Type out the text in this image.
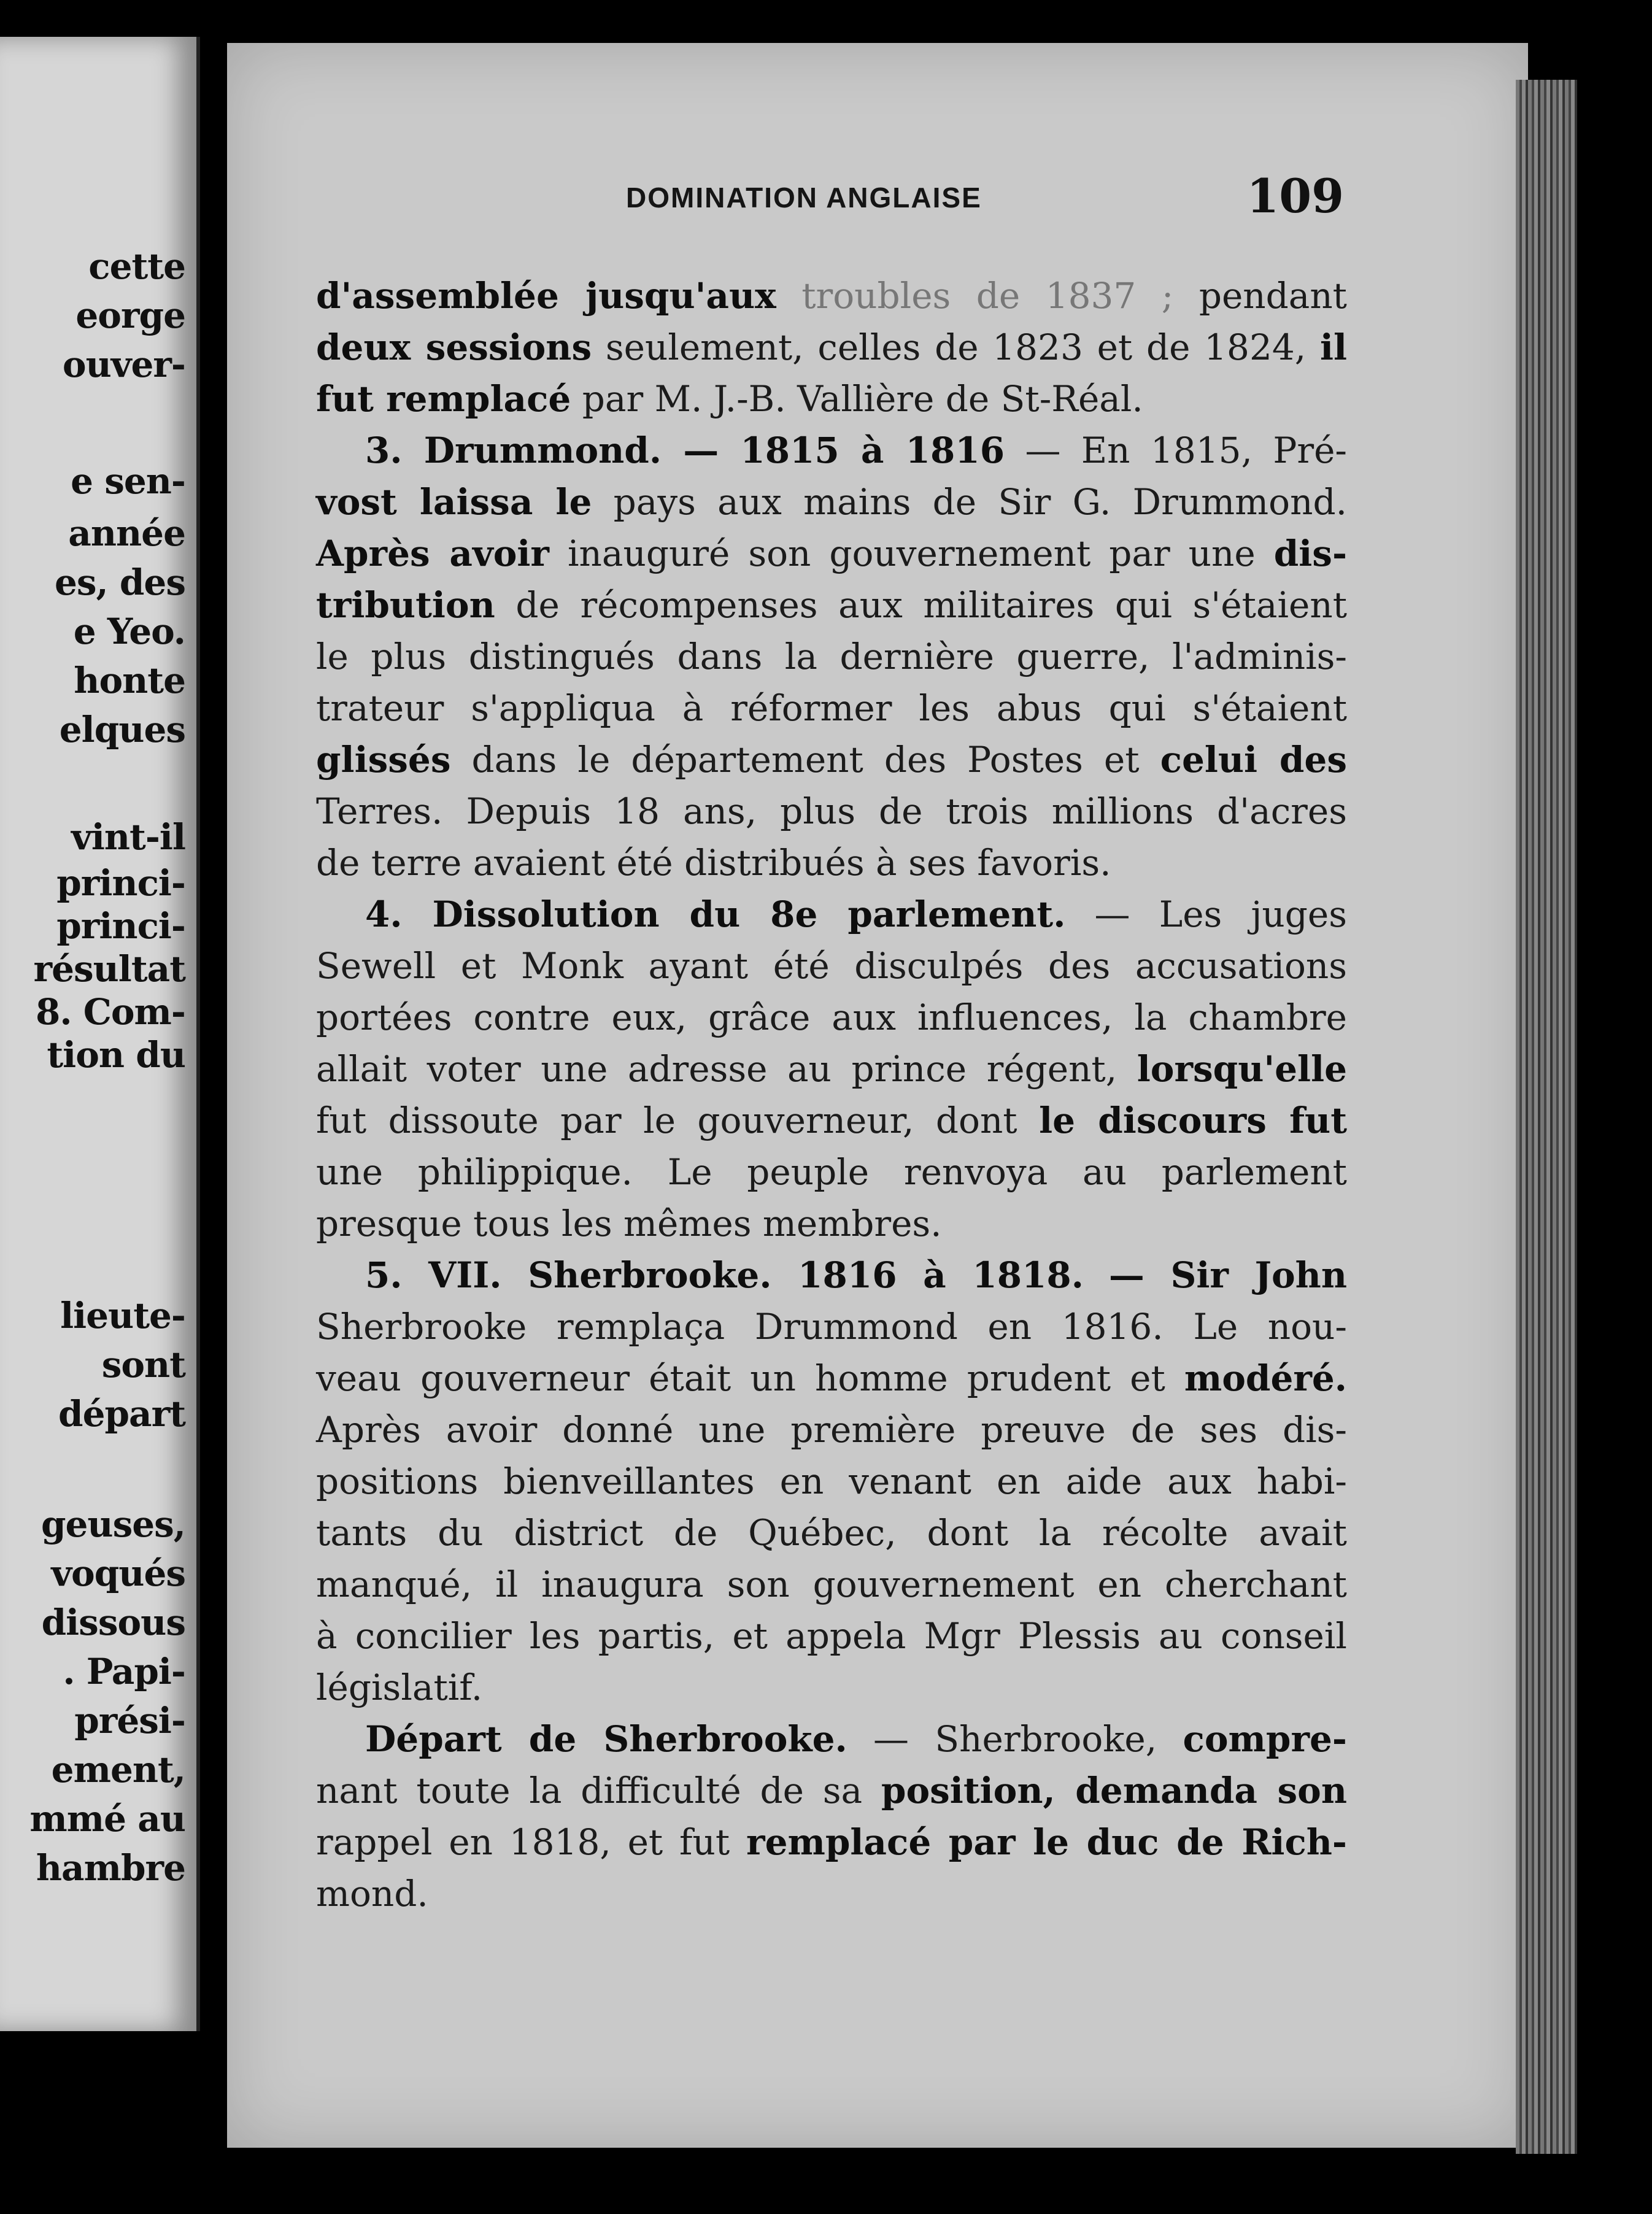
cette
eorge
ouver-
e sen-
année
es, des
e Yeo.
honte
elques
vint-il
princi-
princi-
résultat
8. Com-
tion du
lieute-
sont
départ
geuses,
voqués
dissous
. Papi-
prési-
ement,
mmé au
hambre
DOMINATION ANGLAISE	109
d'assemblée jusqu'aux troubles de 1837 ; pendant
deux sessions seulement, celles de 1823 et de 1824, il
fut remplacé par M. J.-B. Vallière de St-Réal.
3. Drummond. — 1815 à 1816 — En 1815, Pré-
vost laissa le pays aux mains de Sir G. Drummond.
Après avoir inauguré son gouvernement par une dis-
tribution de récompenses aux militaires qui s'étaient
le plus distingués dans la dernière guerre, l'adminis-
trateur s'appliqua à réformer les abus qui s'étaient
glissés dans le département des Postes et celui des
Terres. Depuis 18 ans, plus de trois millions d'acres
de terre avaient été distribués à ses favoris.
4. Dissolution du 8e parlement. — Les juges
Sewell et Monk ayant été disculpés des accusations
portées contre eux, grâce aux influences, la chambre
allait voter une adresse au prince régent, lorsqu'elle
fut dissoute par le gouverneur, dont le discours fut
une philippique. Le peuple renvoya au parlement
presque tous les mêmes membres.
5. VII. Sherbrooke. 1816 à 1818. — Sir John
Sherbrooke remplaça Drummond en 1816. Le nou-
veau gouverneur était un homme prudent et modéré.
Après avoir donné une première preuve de ses dis-
positions bienveillantes en venant en aide aux habi-
tants du district de Québec, dont la récolte avait
manqué, il inaugura son gouvernement en cherchant
à concilier les partis, et appela Mgr Plessis au conseil
législatif.
Départ de Sherbrooke. — Sherbrooke, compre-
nant toute la difficulté de sa position, demanda son
rappel en 1818, et fut remplacé par le duc de Rich-
mond.
